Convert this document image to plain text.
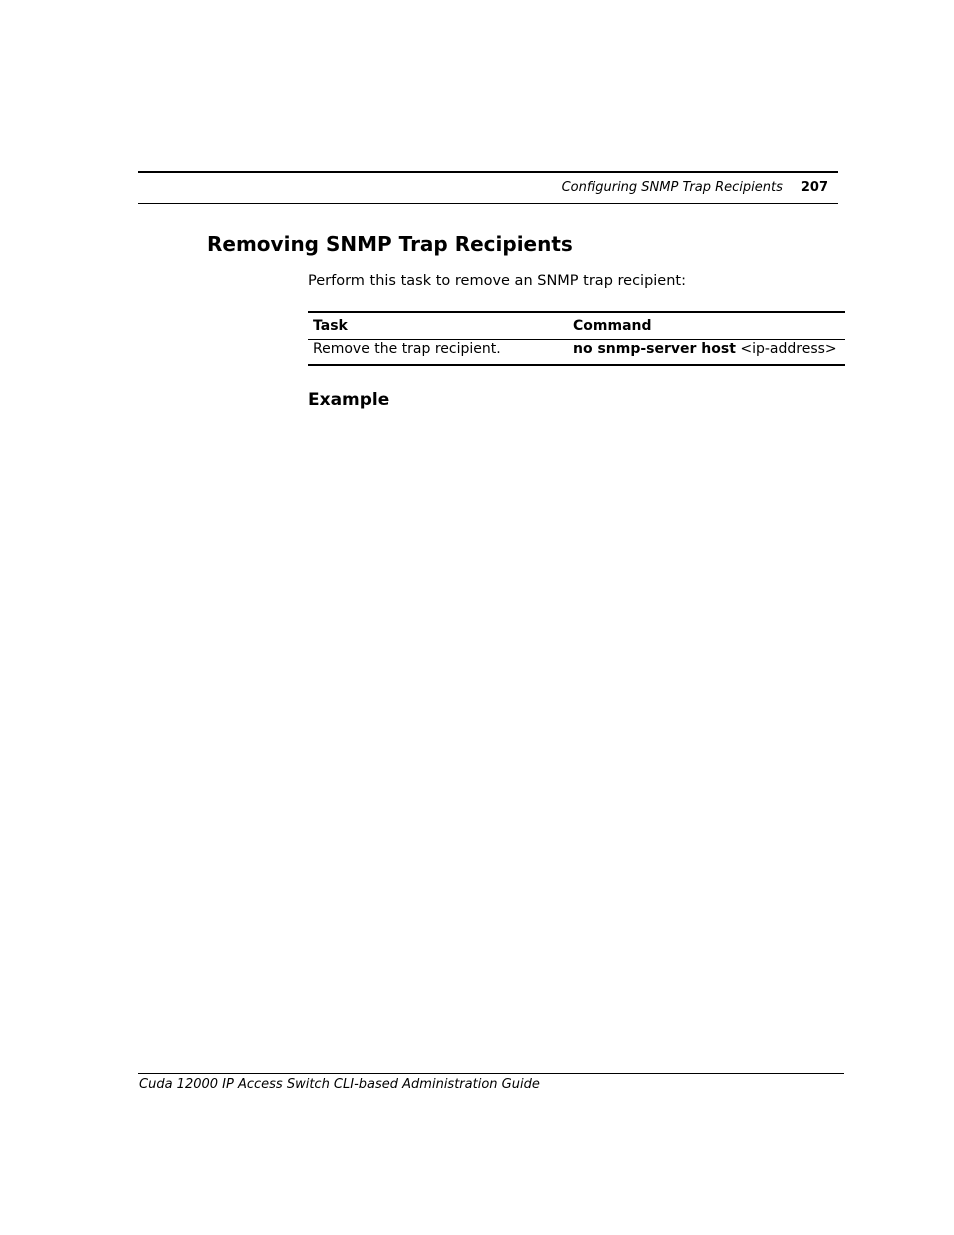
Configuring SNMP Trap Recipients 207
Removing SNMP Trap Recipients

Perform this task to remove an SNMP trap recipient:

Task	Command
Remove the trap recipient.	no snmp-server host <ip-address>
Example

Cuda 12000 IP Access Switch CLI-based Administration Guide
